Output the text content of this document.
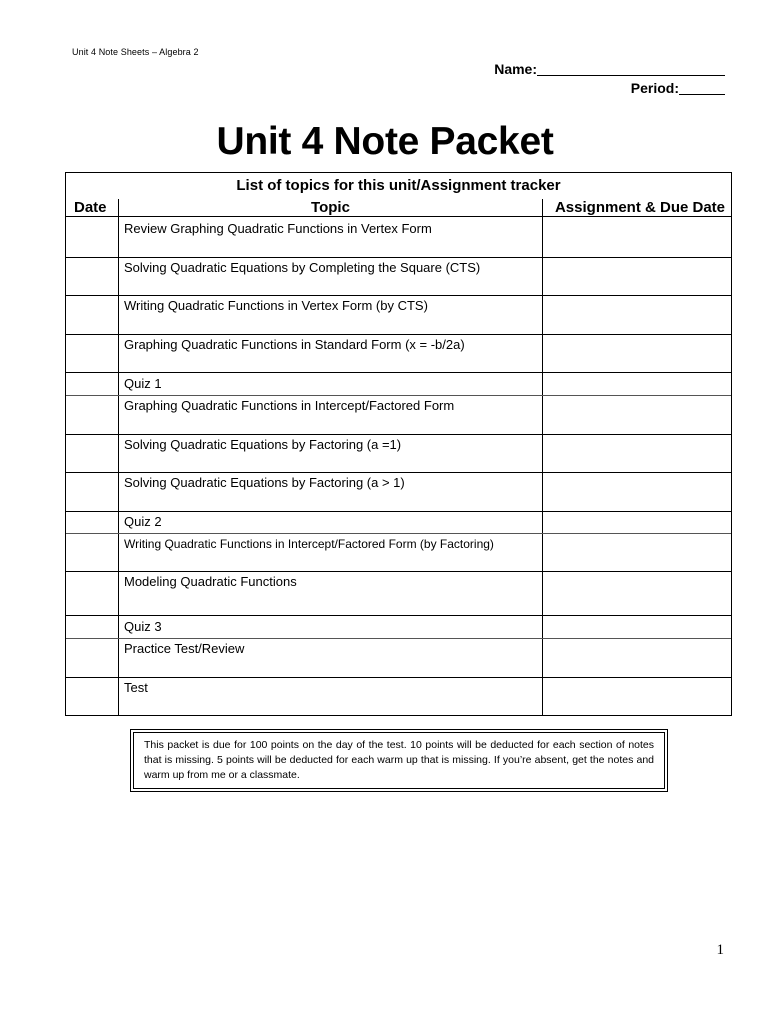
Unit 4 Note Sheets – Algebra 2
Name:
Period:
Unit 4 Note Packet
List of topics for this unit/Assignment tracker
Date	Topic	Assignment & Due Date
Review Graphing Quadratic Functions in Vertex Form
Solving Quadratic Equations by Completing the Square (CTS)
Writing Quadratic Functions in Vertex Form (by CTS)
Graphing Quadratic Functions in Standard Form (x = -b/2a)
Quiz 1
Graphing Quadratic Functions in Intercept/Factored Form
Solving Quadratic Equations by Factoring (a =1)
Solving Quadratic Equations by Factoring (a > 1)
Quiz 2
Writing Quadratic Functions in Intercept/Factored Form (by Factoring)
Modeling Quadratic Functions
Quiz 3
Practice Test/Review
Test
This packet is due for 100 points on the day of the test. 10 points will be deducted for each section of notes that is missing. 5 points will be deducted for each warm up that is missing. If you’re absent, get the notes and warm up from me or a classmate.
1
